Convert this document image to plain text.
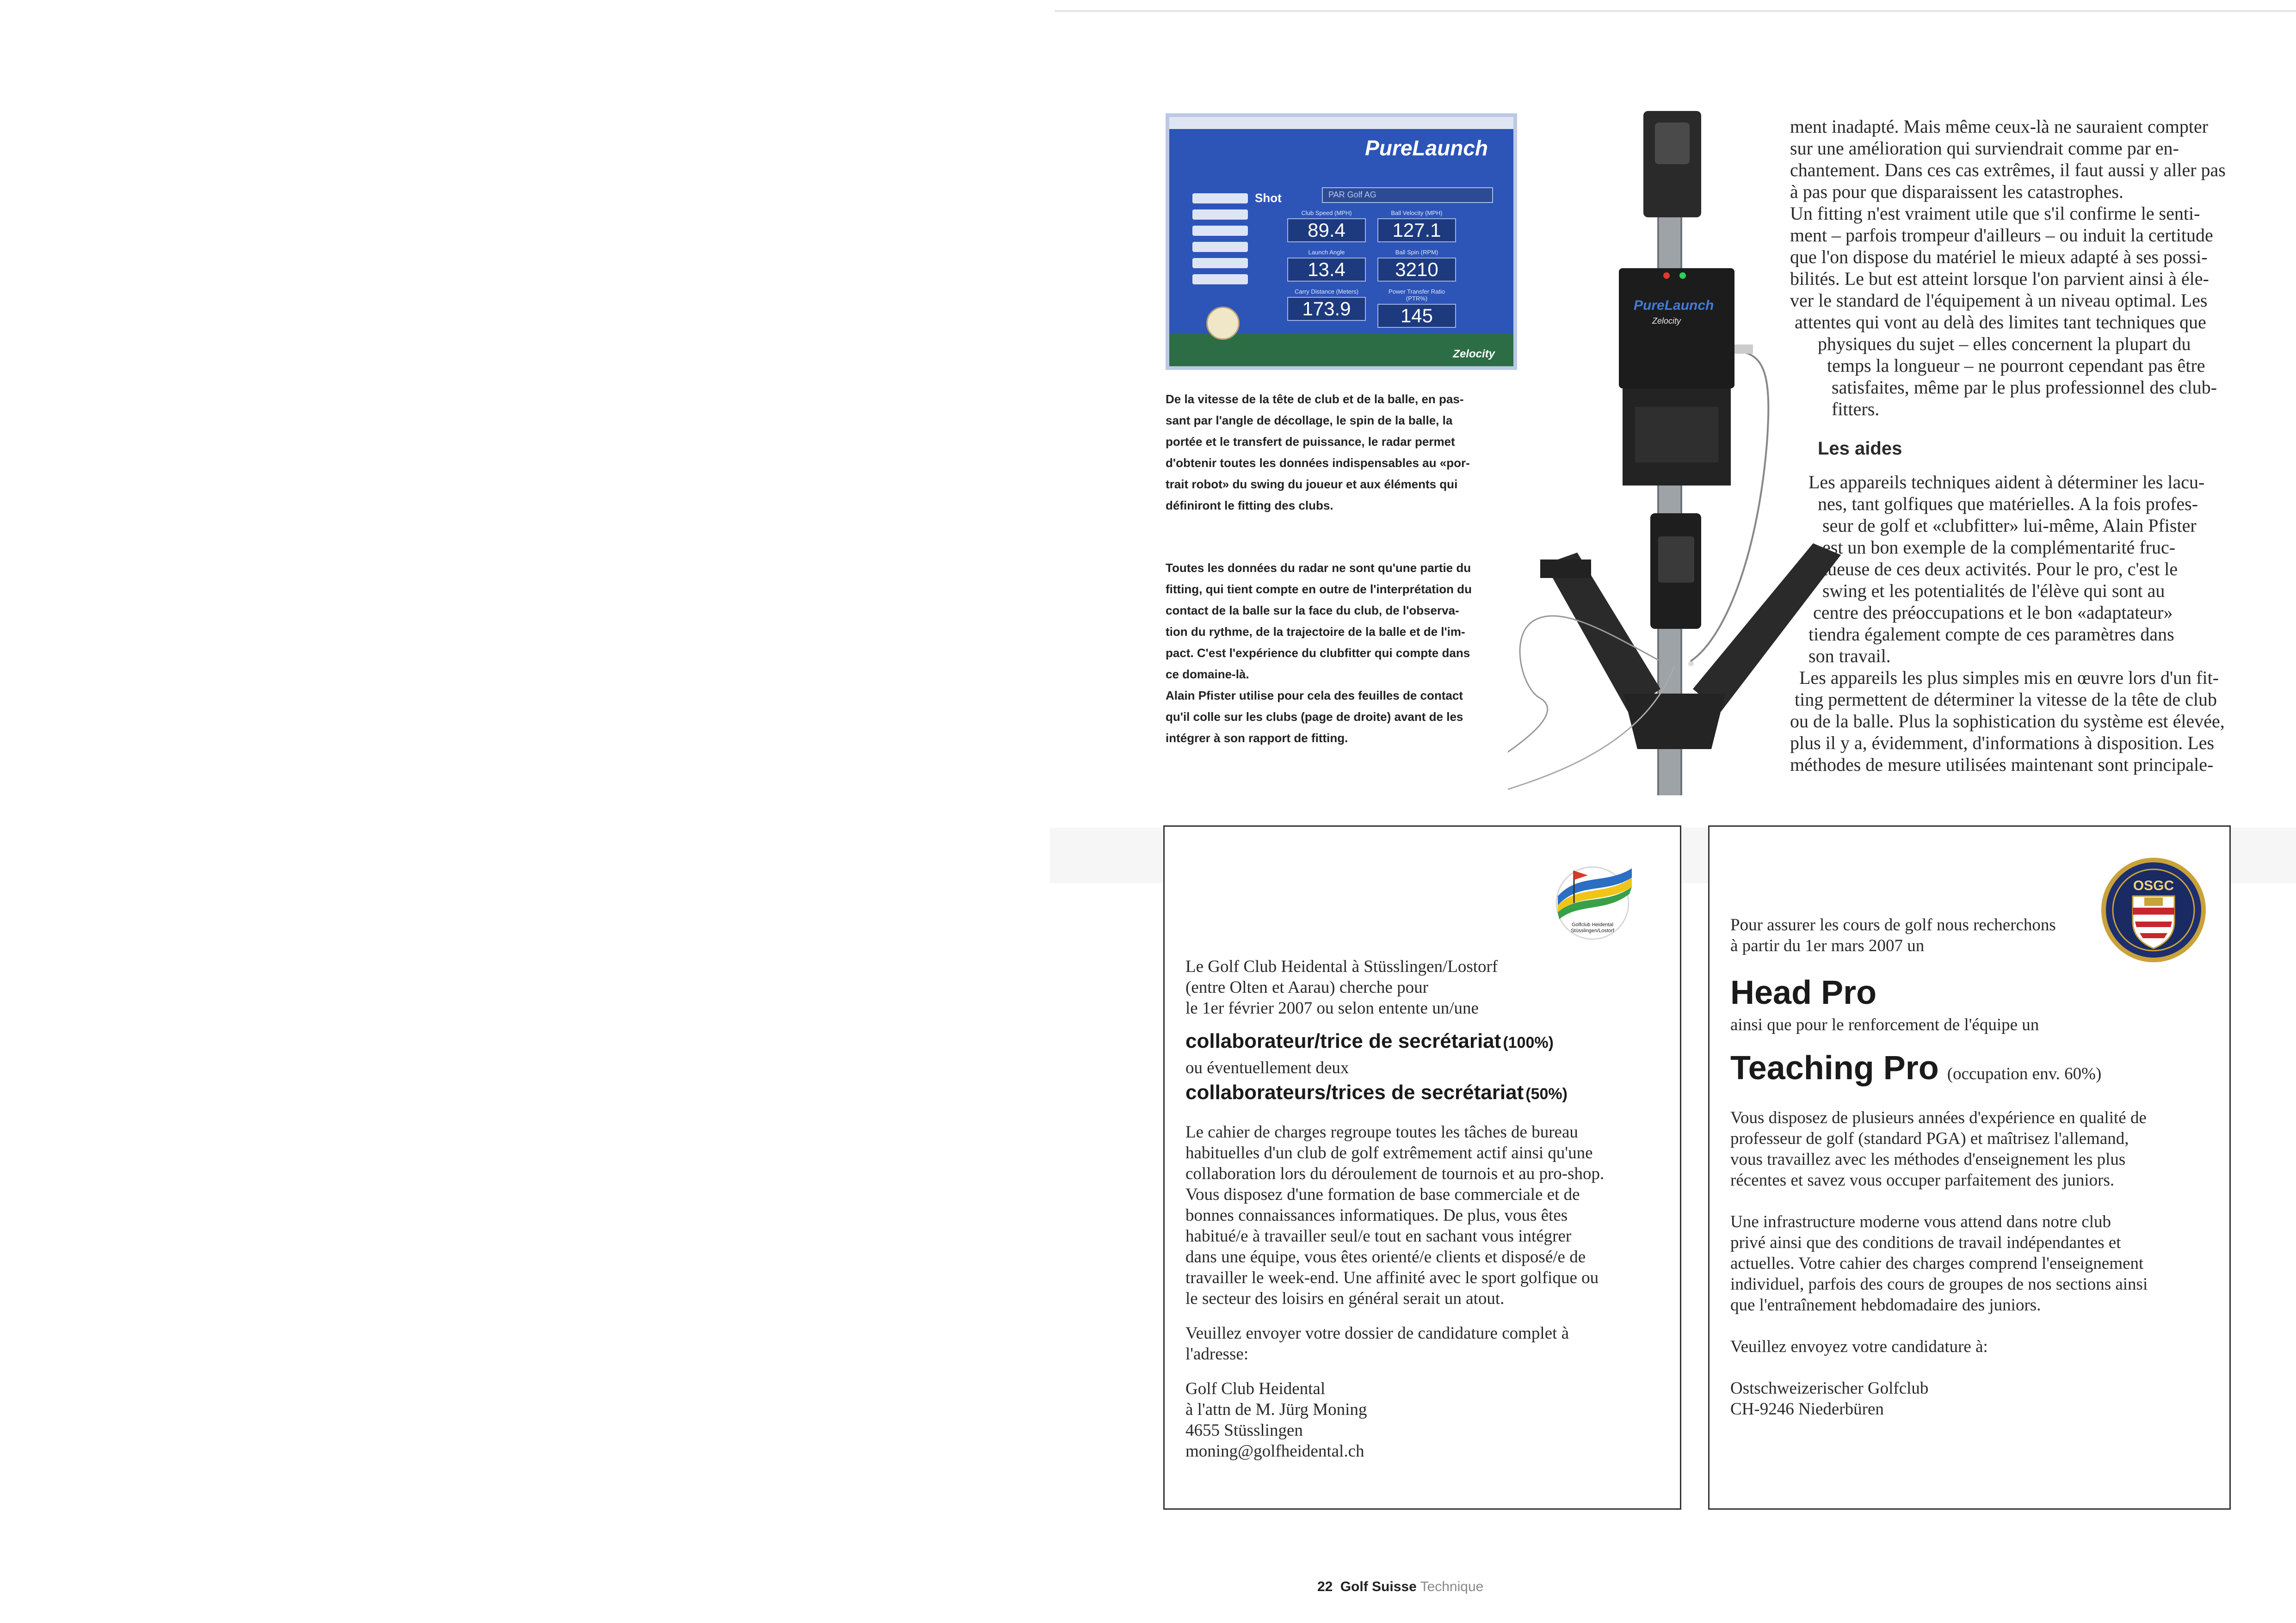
PureLaunch
Shot	PAR Golf AG
Club Speed (MPH)
89.4
Ball Velocity (MPH)
127.1
Launch Angle
13.4
Ball Spin (RPM)
3210
Carry Distance (Meters)
173.9
Power Transfer Ratio (PTR%)
145
Zelocity
PureLaunch
Zelocity

De la vitesse de la tête de club et de la balle, en pas-

sant par l'angle de décollage, le spin de la balle, la

portée et le transfert de puissance, le radar permet

d'obtenir toutes les données indispensables au «por-

trait robot» du swing du joueur et aux éléments qui

définiront le fitting des clubs.

Toutes les données du radar ne sont qu'une partie du

fitting, qui tient compte en outre de l'interprétation du

contact de la balle sur la face du club, de l'observa-

tion du rythme, de la trajectoire de la balle et de l'im-

pact. C'est l'expérience du clubfitter qui compte dans

ce domaine-là.

Alain Pfister utilise pour cela des feuilles de contact

qu'il colle sur les clubs (page de droite) avant de les

intégrer à son rapport de fitting.

ment inadapté. Mais même ceux-là ne sauraient compter

sur une amélioration qui surviendrait comme par en-

chantement. Dans ces cas extrêmes, il faut aussi y aller pas

à pas pour que disparaissent les catastrophes.

Un fitting n'est vraiment utile que s'il confirme le senti-

ment – parfois trompeur d'ailleurs – ou induit la certitude

que l'on dispose du matériel le mieux adapté à ses possi-

bilités. Le but est atteint lorsque l'on parvient ainsi à éle-

ver le standard de l'équipement à un niveau optimal. Les

attentes qui vont au delà des limites tant techniques que

physiques du sujet – elles concernent la plupart du

temps la longueur – ne pourront cependant pas être

satisfaites, même par le plus professionnel des club-

fitters.

Les aides

Les appareils techniques aident à déterminer les lacu-

nes, tant golfiques que matérielles. A la fois profes-

seur de golf et «clubfitter» lui-même, Alain Pfister

est un bon exemple de la complémentarité fruc-

tueuse de ces deux activités. Pour le pro, c'est le

swing et les potentialités de l'élève qui sont au

centre des préoccupations et le bon «adaptateur»

tiendra également compte de ces paramètres dans

son travail.

Les appareils les plus simples mis en œuvre lors d'un fit-

ting permettent de déterminer la vitesse de la tête de club

ou de la balle. Plus la sophistication du système est élevée,

plus il y a, évidemment, d'informations à disposition. Les

méthodes de mesure utilisées maintenant sont principale-

Golfclub Heidental
Stüsslingen/Lostorf

Le Golf Club Heidental à Stüsslingen/Lostorf

(entre Olten et Aarau) cherche pour

le 1er février 2007 ou selon entente un/une

collaborateur/trice de secrétariat (100%)

ou éventuellement deux

collaborateurs/trices de secrétariat (50%)

Le cahier de charges regroupe toutes les tâches de bureau

habituelles d'un club de golf extrêmement actif ainsi qu'une

collaboration lors du déroulement de tournois et au pro-shop.

Vous disposez d'une formation de base commerciale et de

bonnes connaissances informatiques. De plus, vous êtes

habitué/e à travailler seul/e tout en sachant vous intégrer

dans une équipe, vous êtes orienté/e clients et disposé/e de

travailler le week-end. Une affinité avec le sport golfique ou

le secteur des loisirs en général serait un atout.

Veuillez envoyer votre dossier de candidature complet à

l'adresse:

Golf Club Heidental

à l'attn de M. Jürg Moning

4655 Stüsslingen

moning@golfheidental.ch

OSGC

Pour assurer les cours de golf nous recherchons

à partir du 1er mars 2007 un

Head Pro

ainsi que pour le renforcement de l'équipe un

Teaching Pro (occupation env. 60%)

Vous disposez de plusieurs années d'expérience en qualité de

professeur de golf (standard PGA) et maîtrisez l'allemand,

vous travaillez avec les méthodes d'enseignement les plus

récentes et savez vous occuper parfaitement des juniors.

Une infrastructure moderne vous attend dans notre club

privé ainsi que des conditions de travail indépendantes et

actuelles. Votre cahier des charges comprend l'enseignement

individuel, parfois des cours de groupes de nos sections ainsi

que l'entraînement hebdomadaire des juniors.

Veuillez envoyez votre candidature à:

Ostschweizerischer Golfclub

CH-9246 Niederbüren

22 Golf Suisse Technique
